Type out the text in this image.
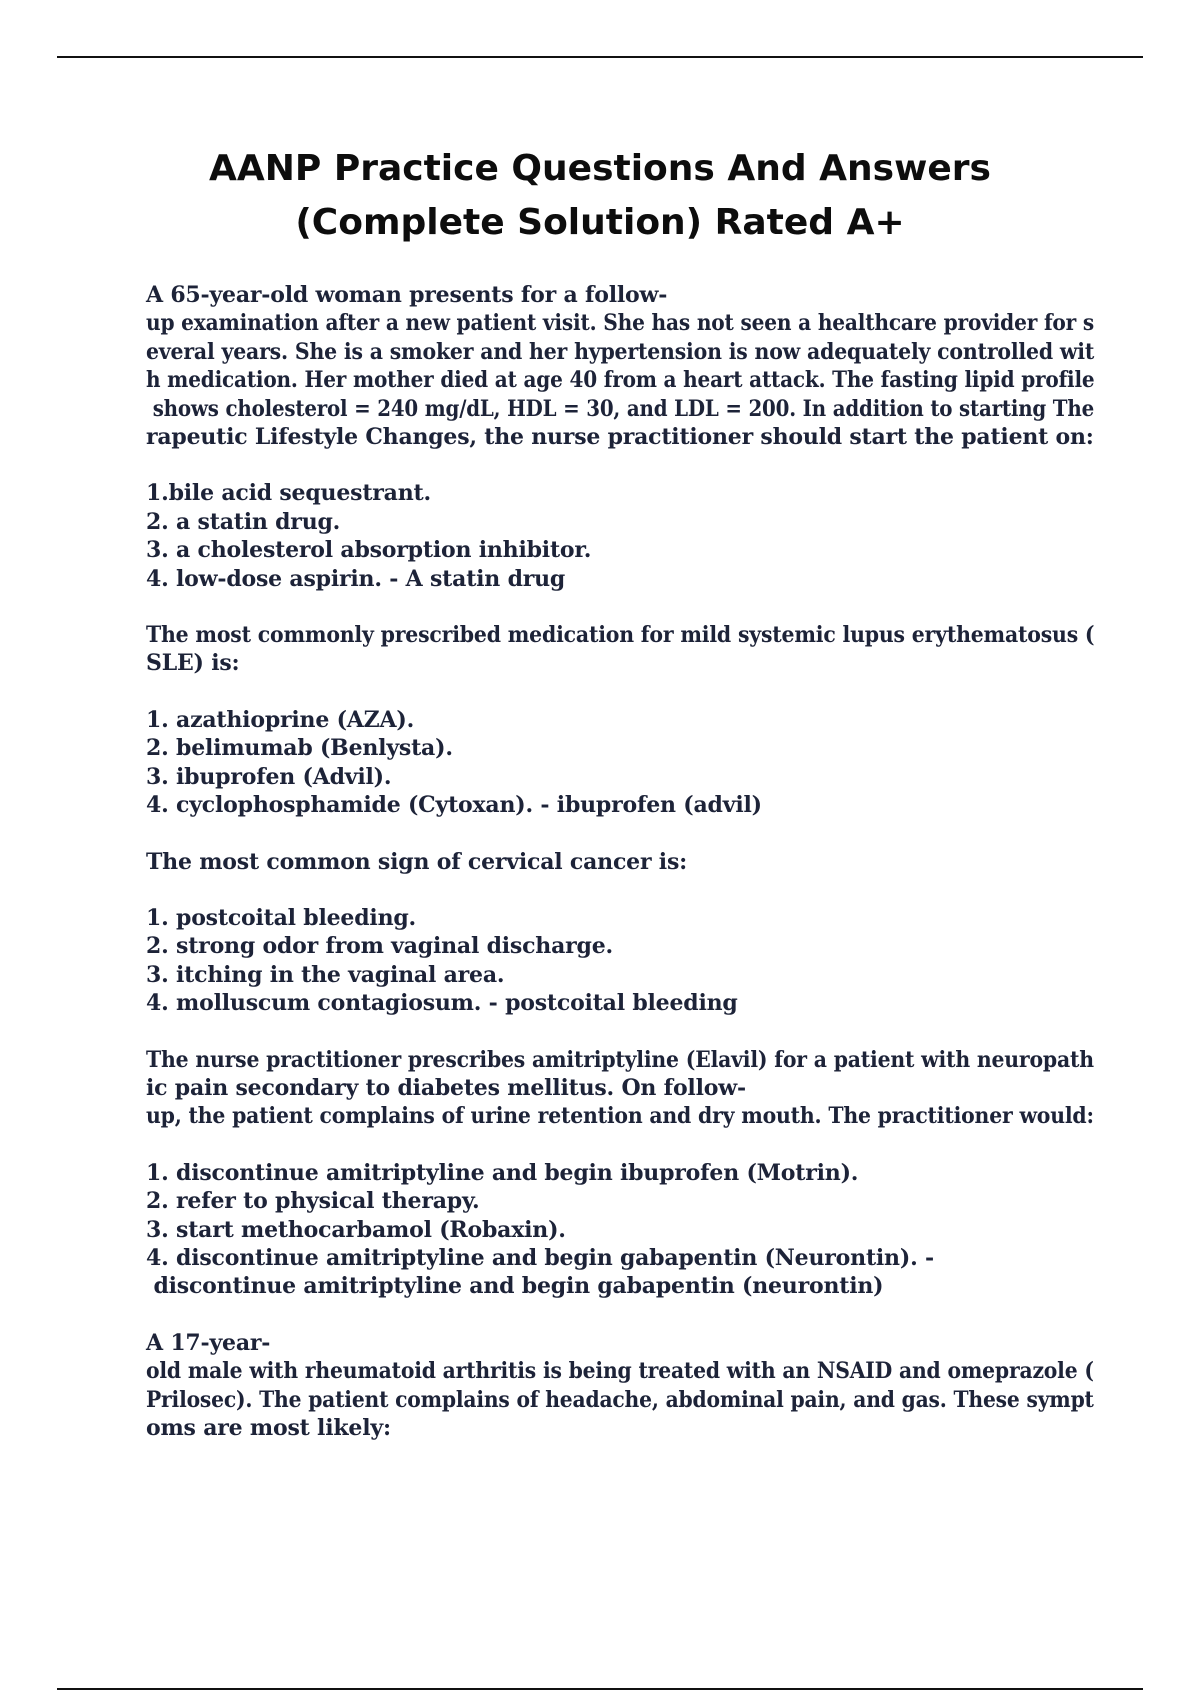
AANP Practice Questions And Answers
(Complete Solution) Rated A+
A 65-year-old woman presents for a follow-
up examination after a new patient visit. She has not seen a healthcare provider for s
everal years. She is a smoker and her hypertension is now adequately controlled wit
h medication. Her mother died at age 40 from a heart attack. The fasting lipid profile
shows cholesterol = 240 mg/dL, HDL = 30, and LDL = 200. In addition to starting The
rapeutic Lifestyle Changes, the nurse practitioner should start the patient on:
1.bile acid sequestrant.
2. a statin drug.
3. a cholesterol absorption inhibitor.
4. low-dose aspirin. - A statin drug
The most commonly prescribed medication for mild systemic lupus erythematosus (
SLE) is:
1. azathioprine (AZA).
2. belimumab (Benlysta).
3. ibuprofen (Advil).
4. cyclophosphamide (Cytoxan). - ibuprofen (advil)
The most common sign of cervical cancer is:
1. postcoital bleeding.
2. strong odor from vaginal discharge.
3. itching in the vaginal area.
4. molluscum contagiosum. - postcoital bleeding
The nurse practitioner prescribes amitriptyline (Elavil) for a patient with neuropath
ic pain secondary to diabetes mellitus. On follow-
up, the patient complains of urine retention and dry mouth. The practitioner would:
1. discontinue amitriptyline and begin ibuprofen (Motrin).
2. refer to physical therapy.
3. start methocarbamol (Robaxin).
4. discontinue amitriptyline and begin gabapentin (Neurontin). -
discontinue amitriptyline and begin gabapentin (neurontin)
A 17-year-
old male with rheumatoid arthritis is being treated with an NSAID and omeprazole (
Prilosec). The patient complains of headache, abdominal pain, and gas. These sympt
oms are most likely:
